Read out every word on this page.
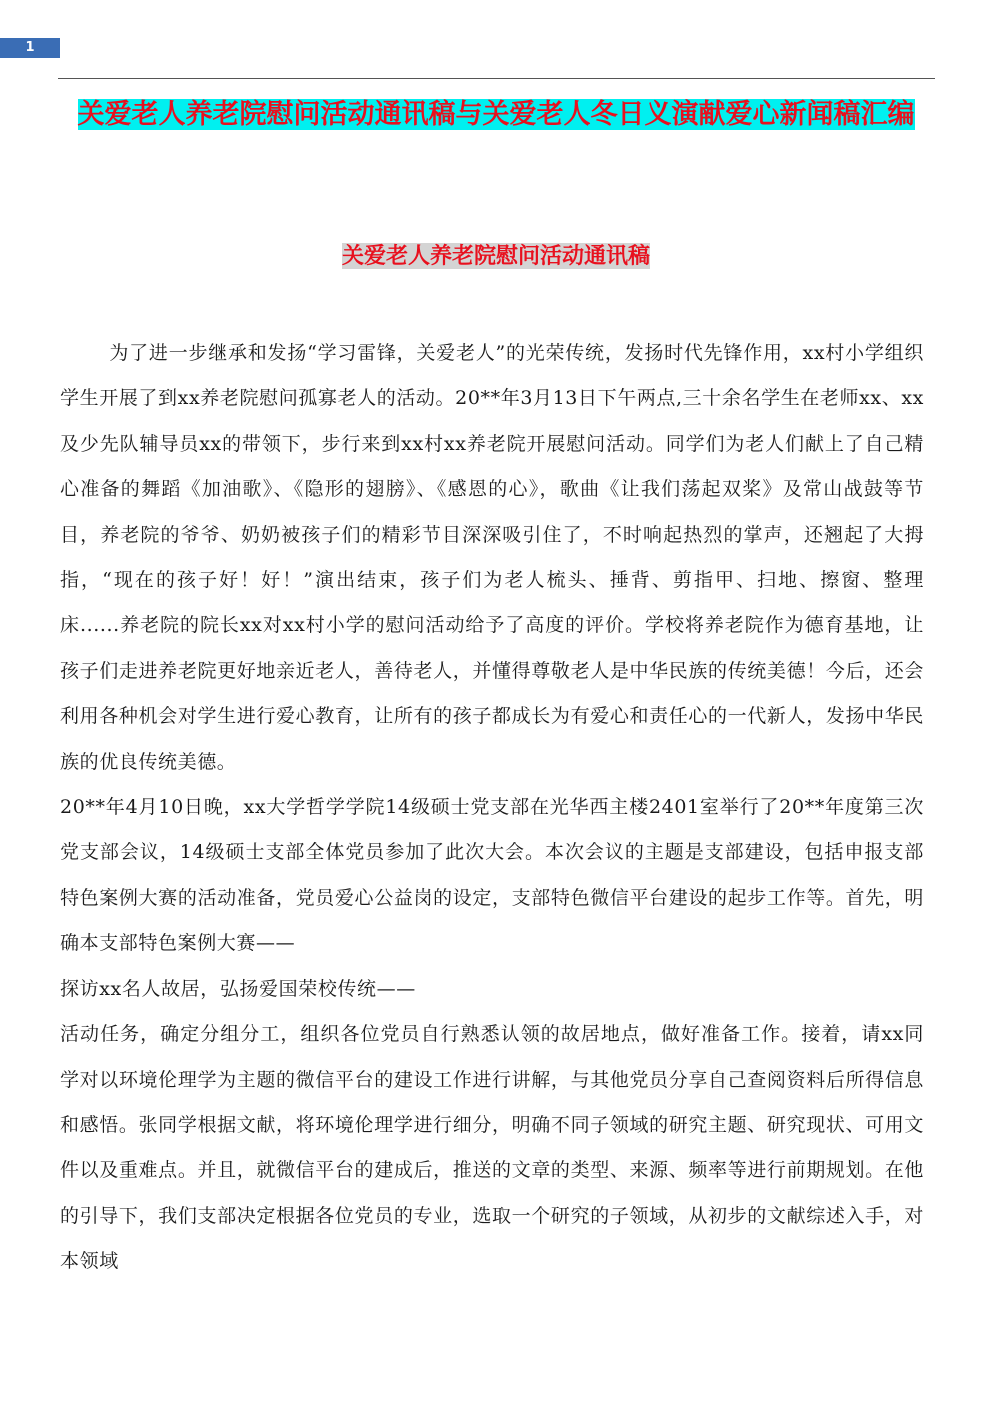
1
关爱老人养老院慰问活动通讯稿与关爱老人冬日义演献爱心新闻稿汇编
关爱老人养老院慰问活动通讯稿

为了进一步继承和发扬“学习雷锋，关爱老人”的光荣传统，发扬时代先锋作用，xx村小学组织学生开展了到xx养老院慰问孤寡老人的活动。20**年3月13日下午两点,三十余名学生在老师xx、xx及少先队辅导员xx的带领下，步行来到xx村xx养老院开展慰问活动。同学们为老人们献上了自己精心准备的舞蹈《加油歌》、《隐形的翅膀》、《感恩的心》，歌曲《让我们荡起双桨》及常山战鼓等节目，养老院的爷爷、奶奶被孩子们的精彩节目深深吸引住了，不时响起热烈的掌声，还翘起了大拇指，“现在的孩子好！好！”演出结束，孩子们为老人梳头、捶背、剪指甲、扫地、擦窗、整理床......养老院的院长xx对xx村小学的慰问活动给予了高度的评价。学校将养老院作为德育基地，让孩子们走进养老院更好地亲近老人，善待老人，并懂得尊敬老人是中华民族的传统美德！今后，还会利用各种机会对学生进行爱心教育，让所有的孩子都成长为有爱心和责任心的一代新人，发扬中华民族的优良传统美德。

20**年4月10日晚，xx大学哲学学院14级硕士党支部在光华西主楼2401室举行了20**年度第三次党支部会议，14级硕士支部全体党员参加了此次大会。本次会议的主题是支部建设，包括申报支部特色案例大赛的活动准备，党员爱心公益岗的设定，支部特色微信平台建设的起步工作等。首先，明确本支部特色案例大赛——

探访xx名人故居，弘扬爱国荣校传统——

活动任务，确定分组分工，组织各位党员自行熟悉认领的故居地点，做好准备工作。接着，请xx同学对以环境伦理学为主题的微信平台的建设工作进行讲解，与其他党员分享自己查阅资料后所得信息和感悟。张同学根据文献，将环境伦理学进行细分，明确不同子领域的研究主题、研究现状、可用文件以及重难点。并且，就微信平台的建成后，推送的文章的类型、来源、频率等进行前期规划。在他的引导下，我们支部决定根据各位党员的专业，选取一个研究的子领域，从初步的文献综述入手，对本领域
